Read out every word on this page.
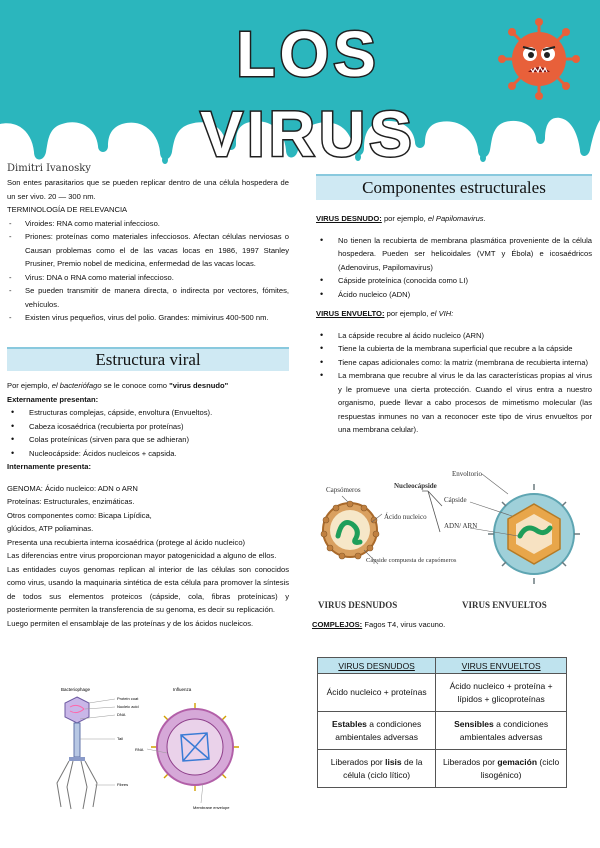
LOS VIRUS
Dimitri Ivanosky
Son entes parasitarios que se pueden replicar dentro de una célula hospedera de un ser vivo. 20 — 300 nm.
TERMINOLOGÍA DE RELEVANCIA
- Viroides: RNA como material infeccioso.
- Priones: proteínas como materiales infecciosos. Afectan células nerviosas o Causan problemas como el de las vacas locas en 1986, 1997 Stanley Prusiner, Premio nobel de medicina, enfermedad de las vacas locas.
- Virus: DNA o RNA como material infeccioso.
- Se pueden transmitir de manera directa, o indirecta por vectores, fómites, vehículos.
- Existen virus pequeños, virus del polio. Grandes: mimivirus 400-500 nm.
Estructura viral
Por ejemplo, el bacteriófago se le conoce como "virus desnudo"
Externamente presentan:
• Estructuras complejas, cápside, envoltura (Envueltos).
• Cabeza icosaédrica (recubierta por proteínas)
• Colas proteínicas (sirven para que se adhieran)
• Nucleocápside: Ácidos nucleicos + capsida.
Internamente presenta:
GENOMA: Ácido nucleico: ADN o ARN
Proteínas: Estructurales, enzimáticas.
Otros componentes como: Bicapa Lipídica,
glúcidos, ATP poliaminas.
Presenta una recubierta interna icosaédrica (protege al ácido nucleico)
Las diferencias entre virus proporcionan mayor patogenicidad a alguno de ellos.
Las entidades cuyos genomas replican al interior de las células son conocidos como virus, usando la maquinaria sintética de esta célula para promover la síntesis de todos sus elementos proteicos (cápside, cola, fibras proteínicas) y posteriormente permiten la transferencia de su genoma, es decir su replicación.
Luego permiten el ensamblaje de las proteínas y de los ácidos nucleicos.
Bacteriophage	Influenza
Protein coat
Nucleic acid
DNA
Tail
Fibres
RNA
Membrane envelope
Componentes estructurales
VIRUS DESNUDO: por ejemplo, el Papilomavirus.
• No tienen la recubierta de membrana plasmática proveniente de la célula hospedera. Pueden ser helicoidales (VMT y Ébola) e icosaédricos (Adenovirus, Papilomavirus)
• Cápside proteínica (conocida como LI)
• Ácido nucleico (ADN)
VIRUS ENVUELTO: por ejemplo, el VIH:
• La cápside recubre al ácido nucleico (ARN)
• Tiene la cubierta de la membrana superficial que recubre a la cápside
• Tiene capas adicionales como: la matriz (membrana de recubierta interna)
• La membrana que recubre al virus le da las características propias al virus y le promueve una cierta protección. Cuando el virus entra a nuestro organismo, puede llevar a cabo procesos de mimetismo molecular (las respuestas inmunes no van a reconocer este tipo de virus envueltos por una membrana celular).
Capsómeros	Nucleocápside
Envoltorio
Cápside
Ácido nucleico
ADN/ ARN
Cápside compuesta de capsómeros
VIRUS DESNUDOS	VIRUS ENVUELTOS
COMPLEJOS: Fagos T4, virus vacuno.
VIRUS DESNUDOS	VIRUS ENVUELTOS
Ácido nucleico + proteínas	Ácido nucleico + proteína + lípidos + glicoproteínas
Estables a condiciones ambientales adversas	Sensibles a condiciones ambientales adversas
Liberados por lisis de la célula (ciclo lítico)	Liberados por gemación (ciclo lisogénico)
